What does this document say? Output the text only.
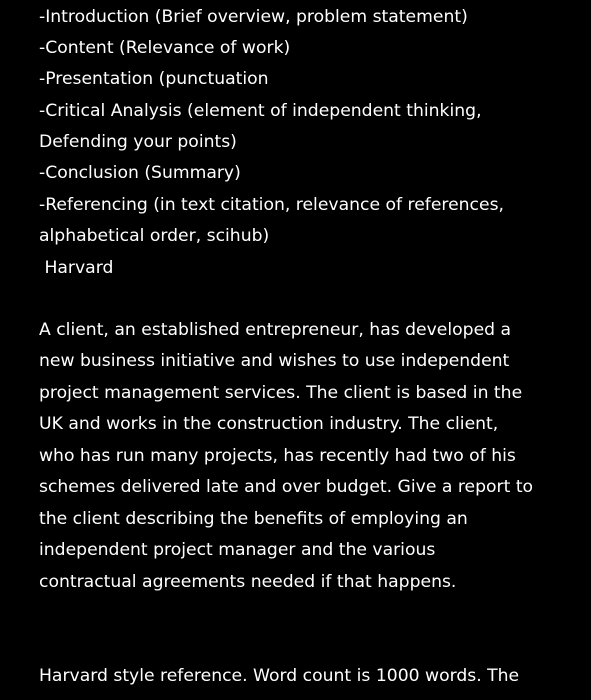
-Introduction (Brief overview, problem statement)
-Content (Relevance of work)
-Presentation (punctuation
-Critical Analysis (element of independent thinking,
Defending your points)
-Conclusion (Summary)
-Referencing (in text citation, relevance of references,
alphabetical order, scihub)
Harvard
A client, an established entrepreneur, has developed a
new business initiative and wishes to use independent
project management services. The client is based in the
UK and works in the construction industry. The client,
who has run many projects, has recently had two of his
schemes delivered late and over budget. Give a report to
the client describing the benefits of employing an
independent project manager and the various
contractual agreements needed if that happens.
Harvard style reference. Word count is 1000 words. The
